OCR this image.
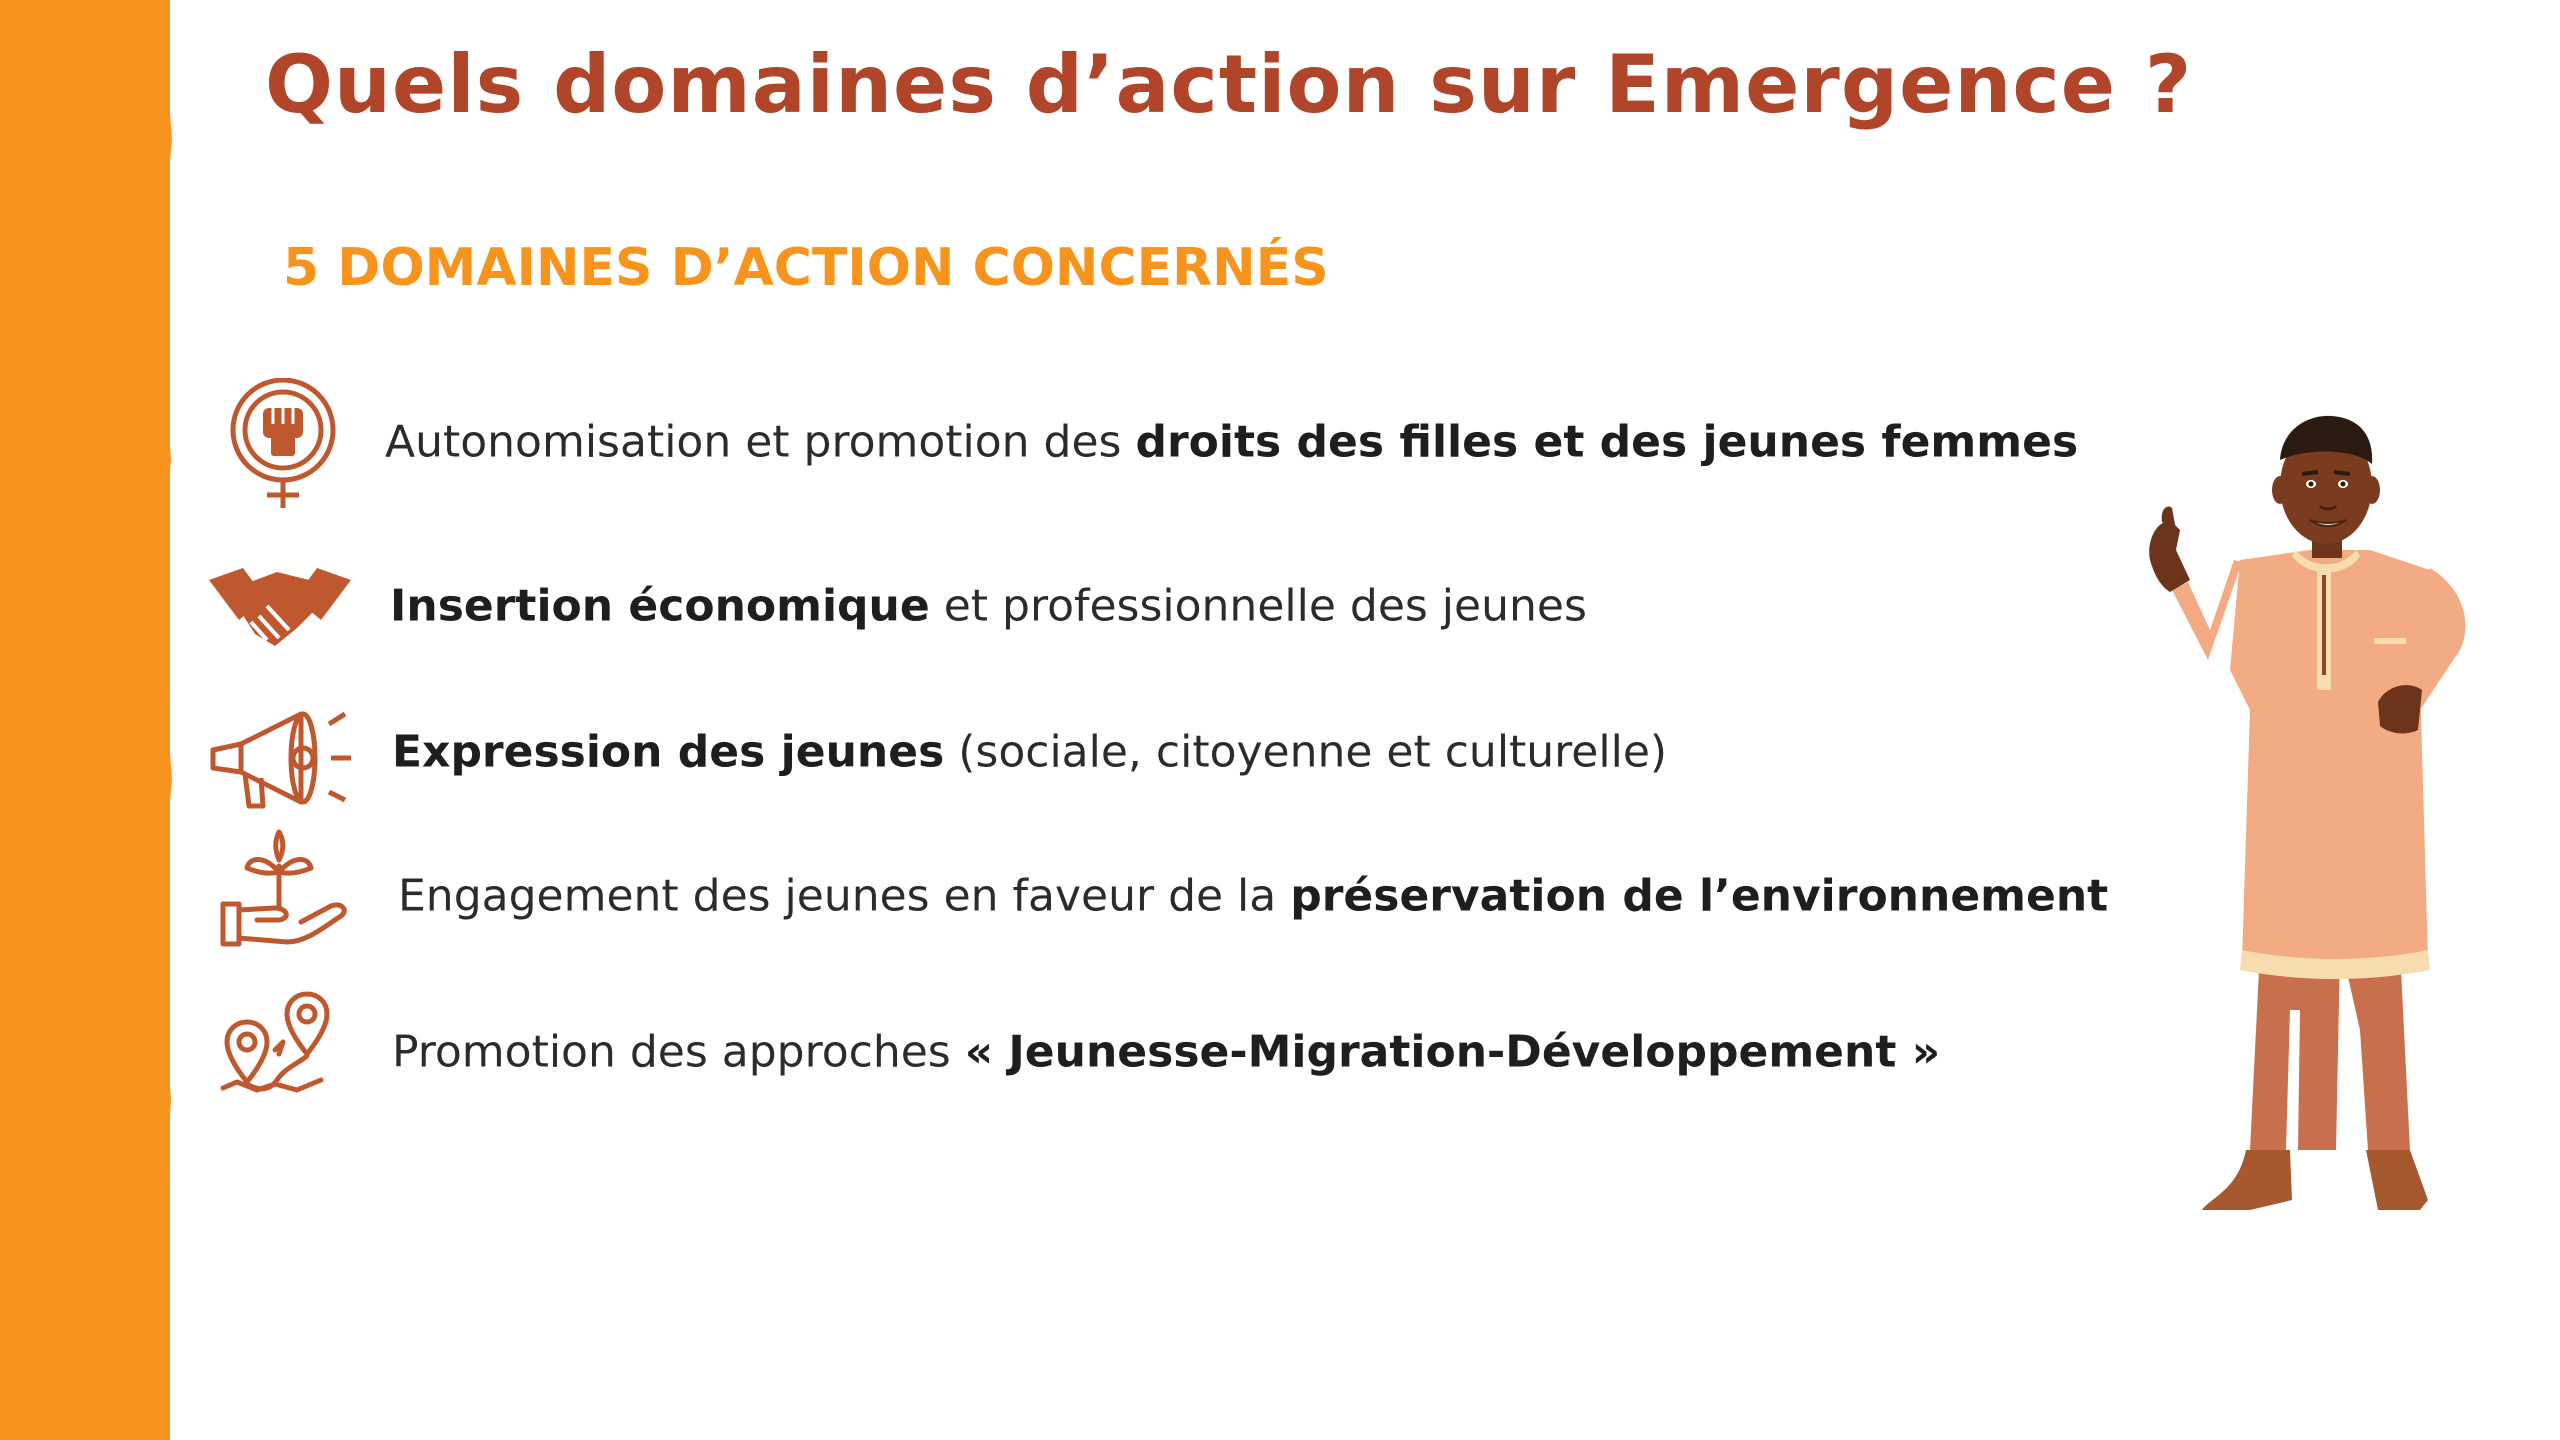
Quels domaines d’action sur Emergence ?
5 DOMAINES D’ACTION CONCERNÉS
Autonomisation et promotion des droits des filles et des jeunes femmes
Insertion économique et professionnelle des jeunes
Expression des jeunes (sociale, citoyenne et culturelle)
Engagement des jeunes en faveur de la préservation de l’environnement
Promotion des approches « Jeunesse-Migration-Développement »
